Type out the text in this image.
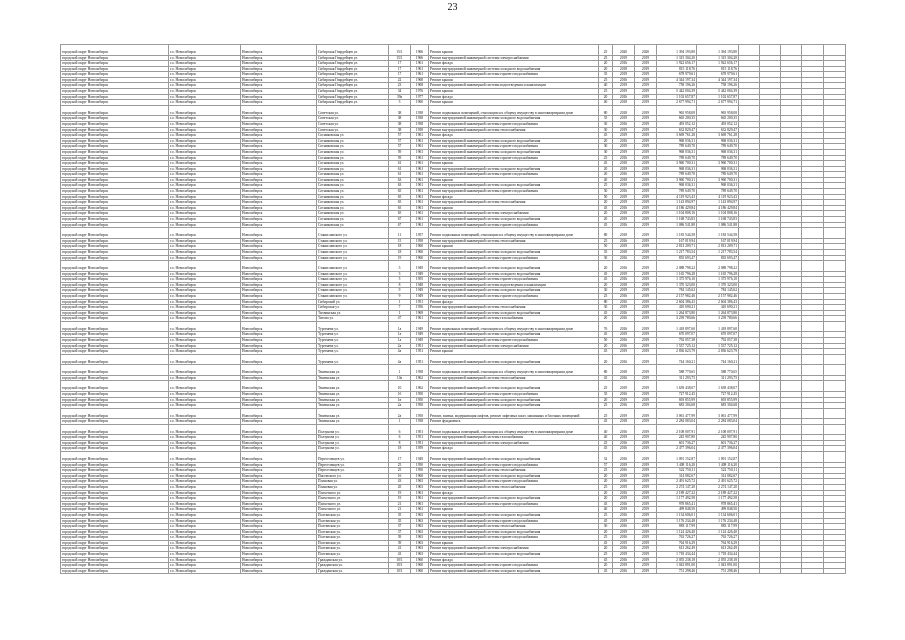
23
городской округ Новосибирск	г.о. Новосибирск	Новосибирск	Сибирская Гвардейцев ул.	15/1	1966	Ремонт крыши	25	2020	2020	1 394 193,80	1 394 193,80					
городской округ Новосибирск	г.о. Новосибирск	Новосибирск	Сибирская Гвардейцев ул.	15/1	1966	Ремонт внутридомовой инженерной системы электроснабжения	25	2019	2019	1 315 304,20	1 315 304,20					
городской округ Новосибирск	г.о. Новосибирск	Новосибирск	Сибирская Гвардейцев ул.	17	1961	Ремонт фасада	20	2016	2019	1 922 656,17	1 922 656,17					
городской округ Новосибирск	г.о. Новосибирск	Новосибирск	Сибирская Гвардейцев ул.	17	1961	Ремонт внутридомовой инженерной системы холодного водоснабжения	20	2018	2019	815 118,76	815 118,76					
городской округ Новосибирск	г.о. Новосибирск	Новосибирск	Сибирская Гвардейцев ул.	17	1961	Ремонт внутридомовой инженерной системы горячего водоснабжения	35	2019	2019	678 979,61	678 979,61					
городской округ Новосибирск	г.о. Новосибирск	Новосибирск	Сибирская Гвардейцев ул.	22	1968	Ремонт крыши	25	2016	2019	4 344 197,34	4 344 197,34					
городской округ Новосибирск	г.о. Новосибирск	Новосибирск	Сибирская Гвардейцев ул.	23	1968	Ремонт внутридомовой инженерной системы водоотведения и канализации	40	2019	2019	758 196,26	758 196,26					
городской округ Новосибирск	г.о. Новосибирск	Новосибирск	Сибирская Гвардейцев ул.	34	1976	Ремонт крыши	25	2019	2019	5 442 004,39	5 442 004,39					
городской округ Новосибирск	г.о. Новосибирск	Новосибирск	Сибирская Гвардейцев ул.	39а	1977	Ремонт фасада	20	2016	2019	1 102 657,87	1 102 657,87					
городской округ Новосибирск	г.о. Новосибирск	Новосибирск	Сибирская Гвардейцев ул.	3	1960	Ремонт крыши	40	2018	2019	2 677 994,71	2 677 994,71					
городской округ Новосибирск	г.о. Новосибирск	Новосибирск	Советская ул.	38	1938	Ремонт подвальных помещений, относящихся к общему имуществу в многоквартирном доме	80	2018	2019	965 958,08	965 958,08					
городской округ Новосибирск	г.о. Новосибирск	Новосибирск	Советская ул.	38	1938	Ремонт внутридомовой инженерной системы холодного водоснабжения	35	2019	2019	665 200,35	665 200,35					
городской округ Новосибирск	г.о. Новосибирск	Новосибирск	Советская ул.	38	1938	Ремонт внутридомовой инженерной системы горячего водоснабжения	30	2016	2019	493 052,12	493 052,12					
городской округ Новосибирск	г.о. Новосибирск	Новосибирск	Советская ул.	38	1938	Ремонт внутридомовой инженерной системы теплоснабжения	30	2019	2019	632 829,47	632 829,47					
городской округ Новосибирск	г.о. Новосибирск	Новосибирск	Сотниковская ул.	57	1961	Ремонт фасада	45	2019	2019	3 669 761,28	3 669 761,28					
городской округ Новосибирск	г.о. Новосибирск	Новосибирск	Сотниковская ул.	57	1961	Ремонт внутридомовой инженерной системы холодного водоснабжения	20	2016	2019	968 036,31	968 036,31					
городской округ Новосибирск	г.о. Новосибирск	Новосибирск	Сотниковская ул.	57	1961	Ремонт внутридомовой инженерной системы горячего водоснабжения	30	2019	2019	789 649,70	789 649,70					
городской округ Новосибирск	г.о. Новосибирск	Новосибирск	Сотниковская ул.	59	1961	Ремонт внутридомовой инженерной системы холодного водоснабжения	30	2019	2019	968 036,31	968 036,31					
городской округ Новосибирск	г.о. Новосибирск	Новосибирск	Сотниковская ул.	59	1961	Ремонт внутридомовой инженерной системы горячего водоснабжения	25	2016	2019	789 649,70	789 649,70					
городской округ Новосибирск	г.о. Новосибирск	Новосибирск	Сотниковская ул.	61	1961	Ремонт крыши	45	2018	2019	3 960 700,31	3 960 700,31					
городской округ Новосибирск	г.о. Новосибирск	Новосибирск	Сотниковская ул.	61	1961	Ремонт внутридомовой инженерной системы холодного водоснабжения	20	2019	2019	968 036,31	968 036,31					
городской округ Новосибирск	г.о. Новосибирск	Новосибирск	Сотниковская ул.	61	1961	Ремонт внутридомовой инженерной системы горячего водоснабжения	20	2016	2019	789 649,70	789 649,70					
городской округ Новосибирск	г.о. Новосибирск	Новосибирск	Сотниковская ул.	63	1961	Ремонт крыши	40	2018	2019	3 960 700,31	3 960 700,31					
городской округ Новосибирск	г.о. Новосибирск	Новосибирск	Сотниковская ул.	63	1961	Ремонт внутридомовой инженерной системы холодного водоснабжения	25	2019	2019	968 036,31	968 036,31					
городской округ Новосибирск	г.о. Новосибирск	Новосибирск	Сотниковская ул.	65	1961	Ремонт внутридомовой инженерной системы горячего водоснабжения	30	2016	2019	789 649,70	789 649,70					
городской округ Новосибирск	г.о. Новосибирск	Новосибирск	Сотниковская ул.	65	1961	Ремонт фасада	50	2019	2019	4 119 923,43	4 119 923,43					
городской округ Новосибирск	г.о. Новосибирск	Новосибирск	Сотниковская ул.	65	1961	Ремонт внутридомовой инженерной системы теплоснабжения	20	2019	2019	1 143 894,97	1 143 894,97					
городской округ Новосибирск	г.о. Новосибирск	Новосибирск	Сотниковская ул.	65	1961	Ремонт крыши	45	2016	2019	4 186 429,84	4 186 429,84					
городской округ Новосибирск	г.о. Новосибирск	Новосибирск	Сотниковская ул.	65	1961	Ремонт внутридомовой инженерной системы электроснабжения	20	2018	2019	1 104 808,16	1 104 808,16					
городской округ Новосибирск	г.о. Новосибирск	Новосибирск	Сотниковская ул.	67	1961	Ремонт внутридомовой инженерной системы холодного водоснабжения	20	2019	2019	1 168 743,83	1 168 743,83					
городской округ Новосибирск	г.о. Новосибирск	Новосибирск	Сотниковская ул.	67	1961	Ремонт внутридомовой инженерной системы горячего водоснабжения	45	2016	2019	1 086 541,88	1 086 541,88					
городской округ Новосибирск	г.о. Новосибирск	Новосибирск	Станиславского ул.	11	1957	Ремонт подвальных помещений, относящихся к общему имуществу в многоквартирном доме	80	2018	2019	1 183 544,58	1 183 544,58					
городской округ Новосибирск	г.о. Новосибирск	Новосибирск	Станиславского ул.	15	1958	Ремонт внутридомовой инженерной системы теплоснабжения	25	2016	2019	167 019,94	167 019,94					
городской округ Новосибирск	г.о. Новосибирск	Новосибирск	Станиславского ул.	18	1960	Ремонт крыши	50	2019	2019	2 813 209,71	2 813 209,71					
городской округ Новосибирск	г.о. Новосибирск	Новосибирск	Станиславского ул.	18	1960	Ремонт внутридомовой инженерной системы холодного водоснабжения	35	2018	2019	1 217 783,54	1 217 783,54					
городской округ Новосибирск	г.о. Новосибирск	Новосибирск	Станиславского ул.	19	1960	Ремонт внутридомовой инженерной системы горячего водоснабжения	30	2016	2019	835 693,47	835 693,47					
городской округ Новосибирск	г.о. Новосибирск	Новосибирск	Станиславского ул.	3	1949	Ремонт внутридомовой инженерной системы холодного водоснабжения	20	2016	2019	2 088 798,22	2 088 798,22					
городской округ Новосибирск	г.о. Новосибирск	Новосибирск	Станиславского ул.	3	1949	Ремонт внутридомовой инженерной системы холодного водоснабжения	45	2019	2019	1 165 796,28	1 165 796,28					
городской округ Новосибирск	г.о. Новосибирск	Новосибирск	Станиславского ул.	5	1955	Ремонт внутридомовой инженерной системы горячего водоснабжения	45	2016	2019	1 375 976,10	1 375 976,10					
городской округ Новосибирск	г.о. Новосибирск	Новосибирск	Станиславского ул.	8	1948	Ремонт внутридомовой инженерной системы водоотведения и канализации	20	2018	2019	1 370 323,00	1 370 323,00					
городской округ Новосибирск	г.о. Новосибирск	Новосибирск	Станиславского ул.	9	1949	Ремонт внутридомовой инженерной системы холодного водоснабжения	30	2019	2019	784 145,62	784 145,62					
городской округ Новосибирск	г.о. Новосибирск	Новосибирск	Станиславского ул.	9	1949	Ремонт внутридомовой инженерной системы горячего водоснабжения	25	2016	2019	2 157 982,46	2 157 982,46					
городской округ Новосибирск	г.о. Новосибирск	Новосибирск	Сибирский ул.	1	1951	Ремонт фасада	80	2016	2019	2 604 386,43	2 604 386,43					
городской округ Новосибирск	г.о. Новосибирск	Новосибирск	Сибирская ул.	7	1956	Ремонт внутридомовой инженерной системы теплоснабжения	30	2019	2019	410 690,21	410 690,21					
городской округ Новосибирск	г.о. Новосибирск	Новосибирск	Тихвинская ул.	1	1969	Ремонт внутридомовой инженерной системы холодного водоснабжения	45	2016	2019	1 264 873,80	1 264 873,80					
городской округ Новосибирск	г.о. Новосибирск	Новосибирск	Титова ул.	47	1961	Ремонт внутридомовой инженерной системы газоснабжения	20	2016	2019	3 239 780,66	3 239 780,66					
городской округ Новосибирск	г.о. Новосибирск	Новосибирск	Тургенева ул.	1а	1949	Ремонт подвальных помещений, относящихся к общему имуществу в многоквартирном доме	76	2016	2019	1 418 897,60	1 418 897,60					
городской округ Новосибирск	г.о. Новосибирск	Новосибирск	Тургенева ул.	1а	1949	Ремонт внутридомовой инженерной системы холодного водоснабжения	45	2019	2019	670 097,07	670 097,07					
городской округ Новосибирск	г.о. Новосибирск	Новосибирск	Тургенева ул.	1а	1949	Ремонт внутридомовой инженерной системы горячего водоснабжения	50	2016	2019	792 057,38	792 057,38					
городской округ Новосибирск	г.о. Новосибирск	Новосибирск	Тургенева ул.	2а	1951	Ремонт внутридомовой инженерной системы электроснабжения	20	2016	2019	1 537 725,12	1 537 725,12					
городской округ Новосибирск	г.о. Новосибирск	Новосибирск	Тургенева ул.	4а	1951	Ремонт крыши	45	2019	2019	2 836 623,79	2 836 623,79					
городской округ Новосибирск	г.о. Новосибирск	Новосибирск	Тургенева ул.	4а	1951	Ремонт внутридомовой инженерной системы холодного водоснабжения	20	2016	2019	744 160,21	744 160,21					
городской округ Новосибирск	г.о. Новосибирск	Новосибирск	Тюменская ул.	1	1938	Ремонт подвальных помещений, относящихся к общему имуществу в многоквартирном доме	80	2018	2019	588 770,65	588 770,65					
городской округ Новосибирск	г.о. Новосибирск	Новосибирск	Тюменская ул.	10а	1962	Ремонт внутридомовой инженерной системы теплоснабжения	45	2016	2019	311 293,75	311 293,75					
городской округ Новосибирск	г.о. Новосибирск	Новосибирск	Тюменская ул.	10	1962	Ремонт внутридомовой инженерной системы холодного водоснабжения	25	2019	2019	1 639 438,07	1 639 438,07					
городской округ Новосибирск	г.о. Новосибирск	Новосибирск	Тюменская ул.	1б	1950	Ремонт внутридомовой инженерной системы горячего водоснабжения	35	2016	2019	727 912,45	727 912,45					
городской округ Новосибирск	г.о. Новосибирск	Новосибирск	Тюменская ул.	1в	1950	Ремонт внутридомовой инженерной системы холодного водоснабжения	20	2019	2019	693 855,99	693 855,99					
городской округ Новосибирск	г.о. Новосибирск	Новосибирск	Тюменская ул.	2а	1950	Ремонт внутридомовой инженерной системы холодного водоснабжения	25	2016	2019	683 304,68	683 304,68					
городской округ Новосибирск	г.о. Новосибирск	Новосибирск	Тюменская ул.	2а	1950	Ремонт, замена, модернизация лифтов, ремонт лифтовых шахт, машинных и блочных помещений	25	2019	2019	3 061 477,99	3 061 477,99					
городской округ Новосибирск	г.о. Новосибирск	Новосибирск	Тюменская ул.	1	1938	Ремонт фундамента	45	2018	2019	2 284 083,04	2 284 083,04					
городской округ Новосибирск	г.о. Новосибирск	Новосибирск	Ползунова ул.	6	1951	Ремонт подвальных помещений, относящихся к общему имуществу в многоквартирном доме	40	2016	2019	2 108 007,91	2 108 007,91					
городской округ Новосибирск	г.о. Новосибирск	Новосибирск	Ползунова ул.	6	1951	Ремонт внутридомовой инженерной системы газоснабжения	40	2019	2019	245 907,80	245 907,80					
городской округ Новосибирск	г.о. Новосибирск	Новосибирск	Ползунова ул.	8	1951	Ремонт внутридомовой инженерной системы электроснабжения	25	2016	2019	601 736,27	601 736,27					
городской округ Новосибирск	г.о. Новосибирск	Новосибирск	Ползунова ул.	18	1959	Ремонт фасада	45	2016	2019	2 477 396,04	2 477 396,04					
городской округ Новосибирск	г.о. Новосибирск	Новосибирск	Переселенцев ул.	17	1949	Ремонт внутридомовой инженерной системы холодного водоснабжения	32	2016	2019	1 091 152,87	1 091 152,87					
городской округ Новосибирск	г.о. Новосибирск	Новосибирск	Переселенцев ул.	25	1950	Ремонт внутридомовой инженерной системы горячего водоснабжения	57	2019	2019	1 408 116,20	1 408 116,20					
городской округ Новосибирск	г.о. Новосибирск	Новосибирск	Переселенцев ул.	25	1950	Ремонт внутридомовой инженерной системы теплоснабжения	25	2016	2019	522 750,11	522 750,11					
городской округ Новосибирск	г.о. Новосибирск	Новосибирск	Писемского ул.	16	1960	Ремонт внутридомовой инженерной системы холодного водоснабжения	20	2019	2019	314 082,67	314 082,67					
городской округ Новосибирск	г.о. Новосибирск	Новосибирск	Плановая ул.	43	1963	Ремонт внутридомовой инженерной системы горячего водоснабжения	20	2016	2019	2 491 625,72	2 491 625,72					
городской округ Новосибирск	г.о. Новосибирск	Новосибирск	Плановая ул.	45	1963	Ремонт внутридомовой инженерной системы теплоснабжения	25	2019	2019	2 274 147,20	2 274 147,20					
городской округ Новосибирск	г.о. Новосибирск	Новосибирск	Плахотного ул.	19	1961	Ремонт фасада	20	2016	2019	2 189 427,22	2 189 427,22					
городской округ Новосибирск	г.о. Новосибирск	Новосибирск	Плахотного ул.	19	1961	Ремонт внутридомовой инженерной системы холодного водоснабжения	20	2019	2019	1 177 492,58	1 177 492,58					
городской округ Новосибирск	г.о. Новосибирск	Новосибирск	Плахотного ул.	21	1961	Ремонт внутридомовой инженерной системы горячего водоснабжения	45	2016	2019	978 865,41	978 865,41					
городской округ Новосибирск	г.о. Новосибирск	Новосибирск	Плахотного ул.	21	1961	Ремонт крыши	40	2019	2019	499 848,50	499 848,50					
городской округ Новосибирск	г.о. Новосибирск	Новосибирск	Полтавская ул.	35	1963	Ремонт внутридомовой инженерной системы холодного водоснабжения	25	2016	2019	1 134 606,01	1 134 606,01					
городской округ Новосибирск	г.о. Новосибирск	Новосибирск	Полтавская ул.	35	1963	Ремонт внутридомовой инженерной системы горячего водоснабжения	45	2019	2019	1 176 234,48	1 176 234,48					
городской округ Новосибирск	г.о. Новосибирск	Новосибирск	Полтавская ул.	37	1963	Ремонт внутридомовой инженерной системы теплоснабжения	30	2016	2019	883 117,99	883 117,99					
городской округ Новосибирск	г.о. Новосибирск	Новосибирск	Полтавская ул.	37	1963	Ремонт внутридомовой инженерной системы холодного водоснабжения	20	2019	2019	1 124 426,40	1 124 426,40					
городской округ Новосибирск	г.о. Новосибирск	Новосибирск	Полтавская ул.	39	1963	Ремонт внутридомовой инженерной системы горячего водоснабжения	25	2016	2019	763 726,27	763 726,27					
городской округ Новосибирск	г.о. Новосибирск	Новосибирск	Полтавская ул.	39	1963	Ремонт крыши	45	2019	2019	764 916,29	764 916,29					
городской округ Новосибирск	г.о. Новосибирск	Новосибирск	Полтавская ул.	41	1963	Ремонт внутридомовой инженерной системы электроснабжения	20	2016	2019	613 262,49	613 262,49					
городской округ Новосибирск	г.о. Новосибирск	Новосибирск	Полтавская ул.	43	1963	Ремонт внутридомовой инженерной системы холодного водоснабжения	25	2019	2019	1 718 434,44	1 718 434,44					
городской округ Новосибирск	г.о. Новосибирск	Новосибирск	Гражданская ул.	10/1	1960	Ремонт фасада	45	2016	2019	2 055 238,18	2 055 238,18					
городской округ Новосибирск	г.о. Новосибирск	Новосибирск	Гражданская ул.	10/1	1960	Ремонт внутридомовой инженерной системы горячего водоснабжения	20	2019	2019	1 043 891,00	1 043 891,00					
городской округ Новосибирск	г.о. Новосибирск	Новосибирск	Гражданская ул.	10/1	1960	Ремонт внутридомовой инженерной системы холодного водоснабжения	45	2016	2019	751 298,46	751 298,46					
